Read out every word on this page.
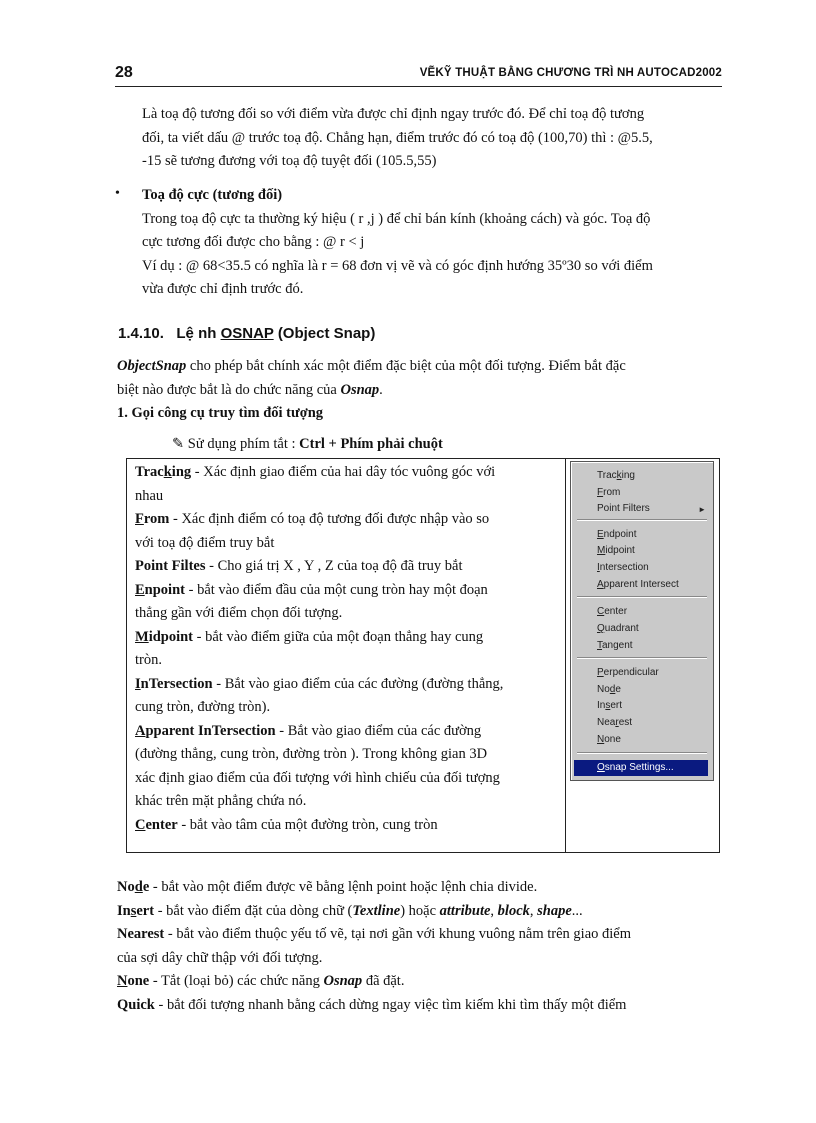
28	VẼKỸ THUẬT BẰNG CHƯƠNG TRÌ NH AUTOCAD2002
Là toạ độ tương đối so với điểm vừa được chỉ định ngay trước đó. Để chỉ toạ độ tương
đối, ta viết dấu @ trước toạ độ. Chẳng hạn, điểm trước đó có toạ độ (100,70) thì : @5.5,
-15 sẽ tương đương với toạ độ tuyệt đối (105.5,55)
• Toạ độ cực (tương đối)
Trong toạ độ cực ta thường ký hiệu ( r ,j ) để chỉ bán kính (khoảng cách) và góc. Toạ độ
cực tương đối được cho bằng : @ r < j
Ví dụ : @ 68<35.5 có nghĩa là r = 68 đơn vị vẽ và có góc định hướng 35º30 so với điểm
vừa được chỉ định trước đó.
1.4.10. Lệ nh OSNAP (Object Snap)
ObjectSnap cho phép bắt chính xác một điểm đặc biệt của một đối tượng. Điểm bắt đặc
biệt nào được bắt là do chức năng của Osnap.
1. Gọi công cụ truy tìm đối tượng
✎ Sử dụng phím tắt : Ctrl + Phím phải chuột
Tracking - Xác định giao điểm của hai dây tóc vuông góc với
nhau
From - Xác định điểm có toạ độ tương đối được nhập vào so
với toạ độ điểm truy bắt
Point Filtes - Cho giá trị X , Y , Z của toạ độ đã truy bắt
Enpoint - bắt vào điểm đầu của một cung tròn hay một đoạn
thẳng gần với điểm chọn đối tượng.
Midpoint - bắt vào điểm giữa của một đoạn thẳng hay cung
tròn.
InTersection - Bắt vào giao điểm của các đường (đường thẳng,
cung tròn, đường tròn).
Apparent InTersection - Bắt vào giao điểm của các đường
(đường thẳng, cung tròn, đường tròn ). Trong không gian 3D
xác định giao điểm của đối tượng với hình chiếu của đối tượng
khác trên mặt phẳng chứa nó.
Center - bắt vào tâm của một đường tròn, cung tròn
Tracking
From
Point Filters	►
Endpoint
Midpoint
Intersection
Apparent Intersect
Center
Quadrant
Tangent
Perpendicular
Node
Insert
Nearest
None
Osnap Settings...
Node - bắt vào một điểm được vẽ bằng lệnh point hoặc lệnh chia divide.
Insert - bắt vào điểm đặt của dòng chữ (Textline) hoặc attribute, block, shape...
Nearest - bắt vào điểm thuộc yếu tố vẽ, tại nơi gần với khung vuông nằm trên giao điểm
của sợi dây chữ thập với đối tượng.
None - Tắt (loại bỏ) các chức năng Osnap đã đặt.
Quick - bắt đối tượng nhanh bằng cách dừng ngay việc tìm kiếm khi tìm thấy một điểm
